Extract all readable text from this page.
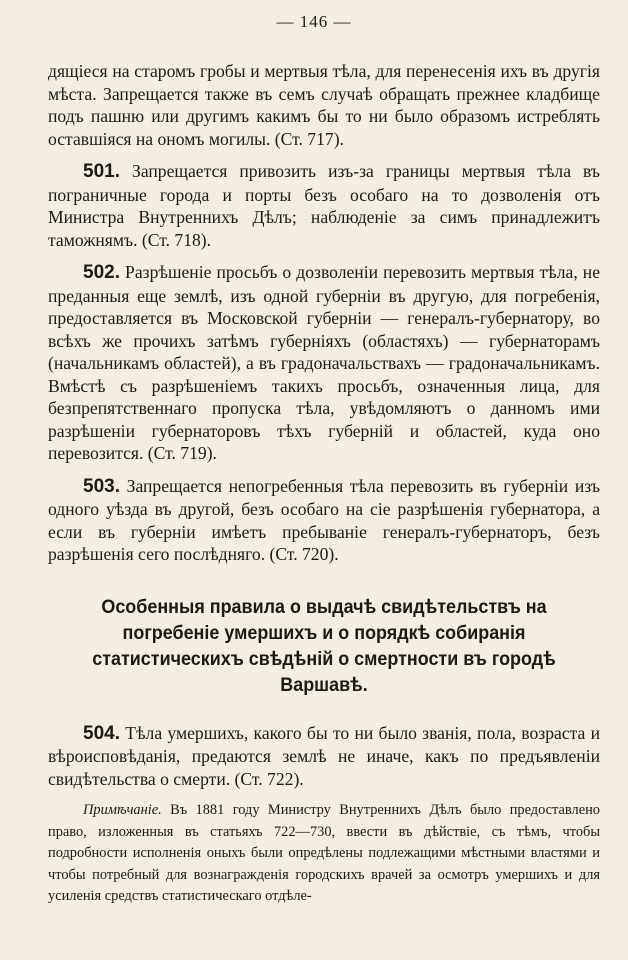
— 146 —

дящіеся на старомъ гробы и мертвыя тѣла, для перенесенія ихъ въ другія мѣста. Запрещается также въ семъ случаѣ обращать прежнее кладбище подъ пашню или другимъ какимъ бы то ни было образомъ истреблять оставшіяся на ономъ могилы. (Ст. 717).

501. Запрещается привозить изъ-за границы мертвыя тѣла въ пограничные города и порты безъ особаго на то дозволенія отъ Министра Внутреннихъ Дѣлъ; наблюденіе за симъ принадлежитъ таможнямъ. (Ст. 718).

502. Разрѣшеніе просьбъ о дозволеніи перевозить мертвыя тѣла, не преданныя еще землѣ, изъ одной губерніи въ другую, для погребенія, предоставляется въ Московской губерніи — генералъ-губернатору, во всѣхъ же прочихъ затѣмъ губерніяхъ (областяхъ) — губернаторамъ (начальникамъ областей), а въ градоначальствахъ — градоначальникамъ. Вмѣстѣ съ разрѣшеніемъ такихъ просьбъ, означенныя лица, для безпрепятственнаго пропуска тѣла, увѣдомляютъ о данномъ ими разрѣшеніи губернаторовъ тѣхъ губерній и областей, куда оно перевозится. (Ст. 719).

503. Запрещается непогребенныя тѣла перевозить въ губерніи изъ одного уѣзда въ другой, безъ особаго на сіе разрѣшенія губернатора, а если въ губерніи имѣетъ пребываніе генералъ-губернаторъ, безъ разрѣшенія сего послѣдняго. (Ст. 720).

Особенныя правила о выдачѣ свидѣтельствъ на погребеніе умершихъ и о порядкѣ собиранія статистическихъ свѣдѣній о смертности въ городѣ Варшавѣ.

504. Тѣла умершихъ, какого бы то ни было званія, пола, возраста и вѣроисповѣданія, предаются землѣ не иначе, какъ по предъявленіи свидѣтельства о смерти. (Ст. 722).

Примѣчаніе. Въ 1881 году Министру Внутреннихъ Дѣлъ было предоставлено право, изложенныя въ статьяхъ 722—730, ввести въ дѣйствіе, съ тѣмъ, чтобы подробности исполненія оныхъ были опредѣлены подлежащими мѣстными властями и чтобы потребный для вознагражденія городскихъ врачей за осмотръ умершихъ и для усиленія средствъ статистическаго отдѣле-
